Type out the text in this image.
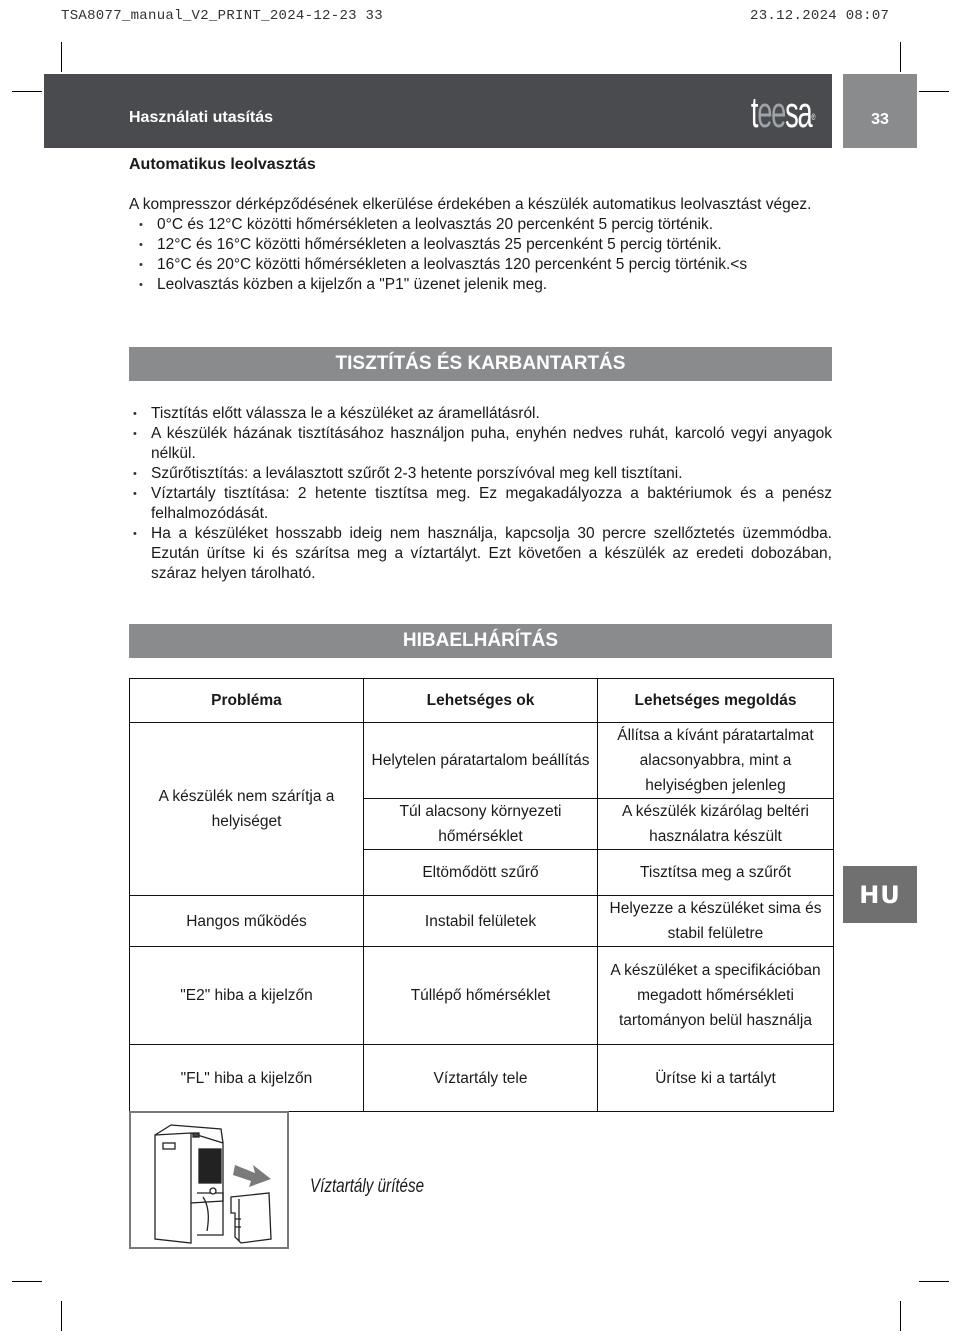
TSA8077_manual_V2_PRINT_2024-12-23 33	23.12.2024 08:07
Használati utasítás	teesa®	33
Automatikus leolvasztás
A kompresszor dérképződésének elkerülése érdekében a készülék automatikus leolvasztást végez.
• 0°C és 12°C közötti hőmérsékleten a leolvasztás 20 percenként 5 percig történik.
• 12°C és 16°C közötti hőmérsékleten a leolvasztás 25 percenként 5 percig történik.
• 16°C és 20°C közötti hőmérsékleten a leolvasztás 120 percenként 5 percig történik.<s
• Leolvasztás közben a kijelzőn a "P1" üzenet jelenik meg.
TISZTÍTÁS ÉS KARBANTARTÁS
• Tisztítás előtt válassza le a készüléket az áramellátásról.
• A készülék házának tisztításához használjon puha, enyhén nedves ruhát, karcoló vegyi anyagok nélkül.
• Szűrőtisztítás: a leválasztott szűrőt 2-3 hetente porszívóval meg kell tisztítani.
• Víztartály tisztítása: 2 hetente tisztítsa meg. Ez megakadályozza a baktériumok és a penész felhalmozódását.
• Ha a készüléket hosszabb ideig nem használja, kapcsolja 30 percre szellőztetés üzemmódba. Ezután ürítse ki és szárítsa meg a víztartályt. Ezt követően a készülék az eredeti dobozában, száraz helyen tárolható.
HIBAELHÁRÍTÁS
Probléma	Lehetséges ok	Lehetséges megoldás
A készülék nem szárítja a helyiséget	Helytelen páratartalom beállítás	Állítsa a kívánt páratartalmat alacsonyabbra, mint a helyiségben jelenleg
	Túl alacsony környezeti hőmérséklet	A készülék kizárólag beltéri használatra készült
	Eltömődött szűrő	Tisztítsa meg a szűrőt
Hangos működés	Instabil felületek	Helyezze a készüléket sima és stabil felületre
"E2" hiba a kijelzőn	Túllépő hőmérséklet	A készüléket a specifikációban megadott hőmérsékleti tartományon belül használja
"FL" hiba a kijelzőn	Víztartály tele	Ürítse ki a tartályt
HU
Víztartály ürítése
